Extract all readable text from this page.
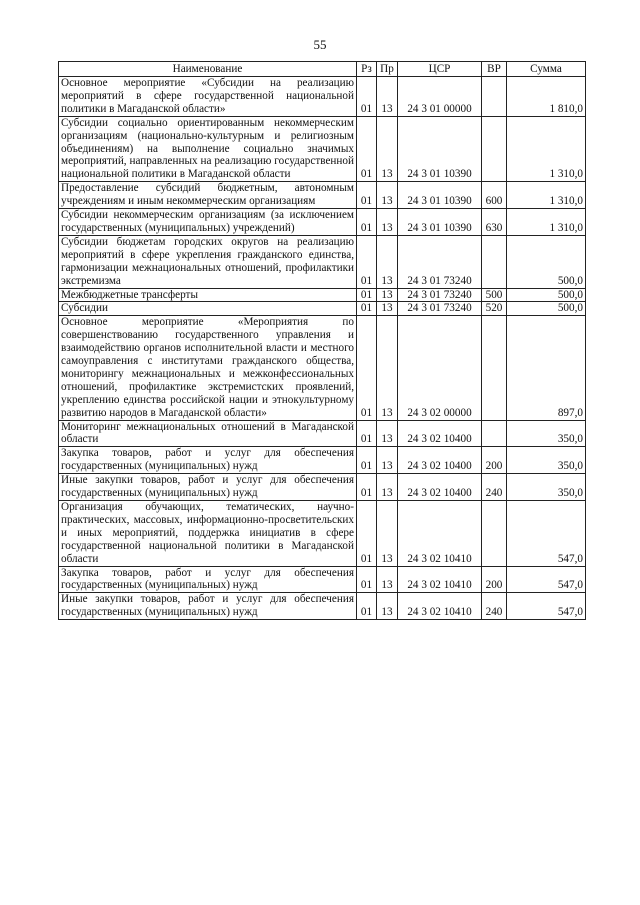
55
Наименование	Рз	Пр	ЦСР	ВР	Сумма
Основное мероприятие «Субсидии на реализацию мероприятий в сфере государственной национальной политики в Магаданской области»	01	13	24 3 01 00000		1 810,0
Субсидии социально ориентированным некоммерческим организациям (национально-культурным и религиозным объединениям) на выполнение социально значимых мероприятий, направленных на реализацию государственной национальной политики в Магаданской области	01	13	24 3 01 10390		1 310,0
Предоставление субсидий бюджетным, автономным учреждениям и иным некоммерческим организациям	01	13	24 3 01 10390	600	1 310,0
Субсидии некоммерческим организациям (за исключением государственных (муниципальных) учреждений)	01	13	24 3 01 10390	630	1 310,0
Субсидии бюджетам городских округов на реализацию мероприятий в сфере укрепления гражданского единства, гармонизации межнациональных отношений, профилактики экстремизма	01	13	24 3 01 73240		500,0
Межбюджетные трансферты	01	13	24 3 01 73240	500	500,0
Субсидии	01	13	24 3 01 73240	520	500,0
Основное мероприятие «Мероприятия по совершенствованию государственного управления и взаимодействию органов исполнительной власти и местного самоуправления с институтами гражданского общества, мониторингу межнациональных и межконфессиональных отношений, профилактике экстремистских проявлений, укреплению единства российской нации и этнокультурному развитию народов в Магаданской области»	01	13	24 3 02 00000		897,0
Мониторинг межнациональных отношений в Магаданской области	01	13	24 3 02 10400		350,0
Закупка товаров, работ и услуг для обеспечения государственных (муниципальных) нужд	01	13	24 3 02 10400	200	350,0
Иные закупки товаров, работ и услуг для обеспечения государственных (муниципальных) нужд	01	13	24 3 02 10400	240	350,0
Организация обучающих, тематических, научно-практических, массовых, информационно-просветительских и иных мероприятий, поддержка инициатив в сфере государственной национальной политики в Магаданской области	01	13	24 3 02 10410		547,0
Закупка товаров, работ и услуг для обеспечения государственных (муниципальных) нужд	01	13	24 3 02 10410	200	547,0
Иные закупки товаров, работ и услуг для обеспечения государственных (муниципальных) нужд	01	13	24 3 02 10410	240	547,0
